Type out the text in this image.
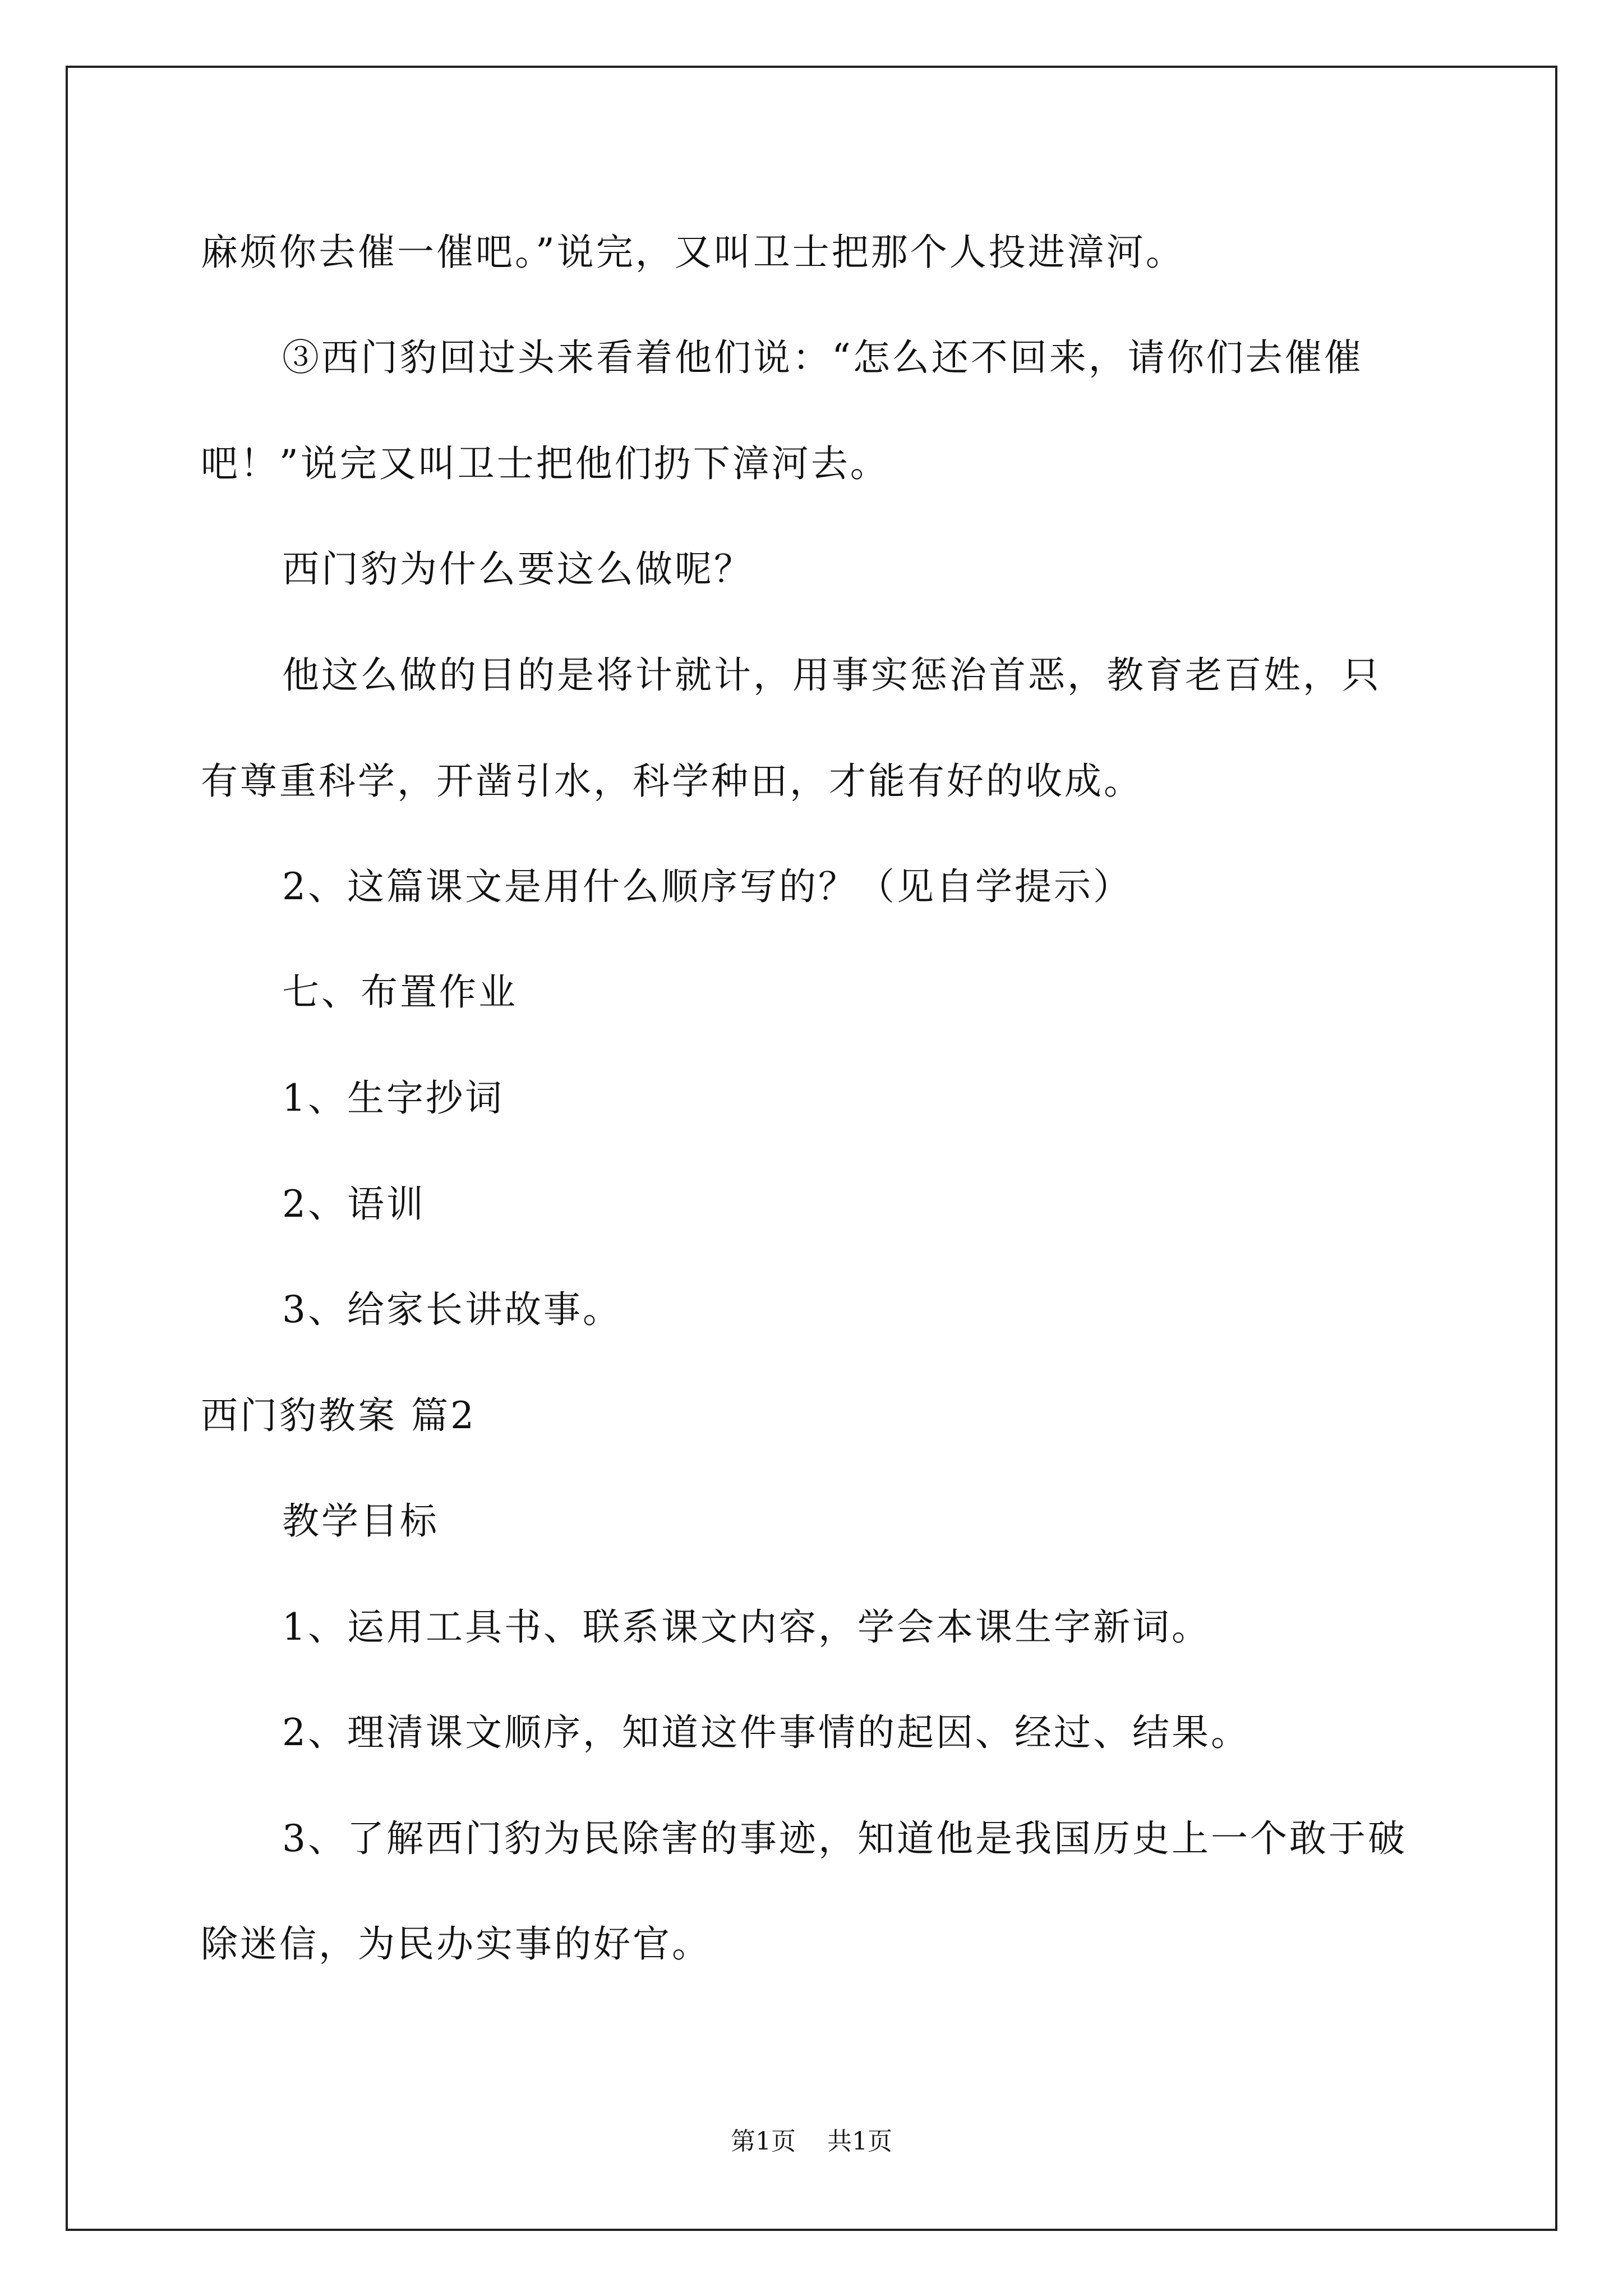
麻烦你去催一催吧。”说完，又叫卫士把那个人投进漳河。
③西门豹回过头来看着他们说：“怎么还不回来，请你们去催催
吧！”说完又叫卫士把他们扔下漳河去。
西门豹为什么要这么做呢？
他这么做的目的是将计就计，用事实惩治首恶，教育老百姓，只
有尊重科学，开凿引水，科学种田，才能有好的收成。
2、这篇课文是用什么顺序写的？（见自学提示）
七、布置作业
1、生字抄词
2、语训
3、给家长讲故事。
西门豹教案 篇2
教学目标
1、运用工具书、联系课文内容，学会本课生字新词。
2、理清课文顺序，知道这件事情的起因、经过、结果。
3、了解西门豹为民除害的事迹，知道他是我国历史上一个敢于破
除迷信，为民办实事的好官。
第1页 共1页
